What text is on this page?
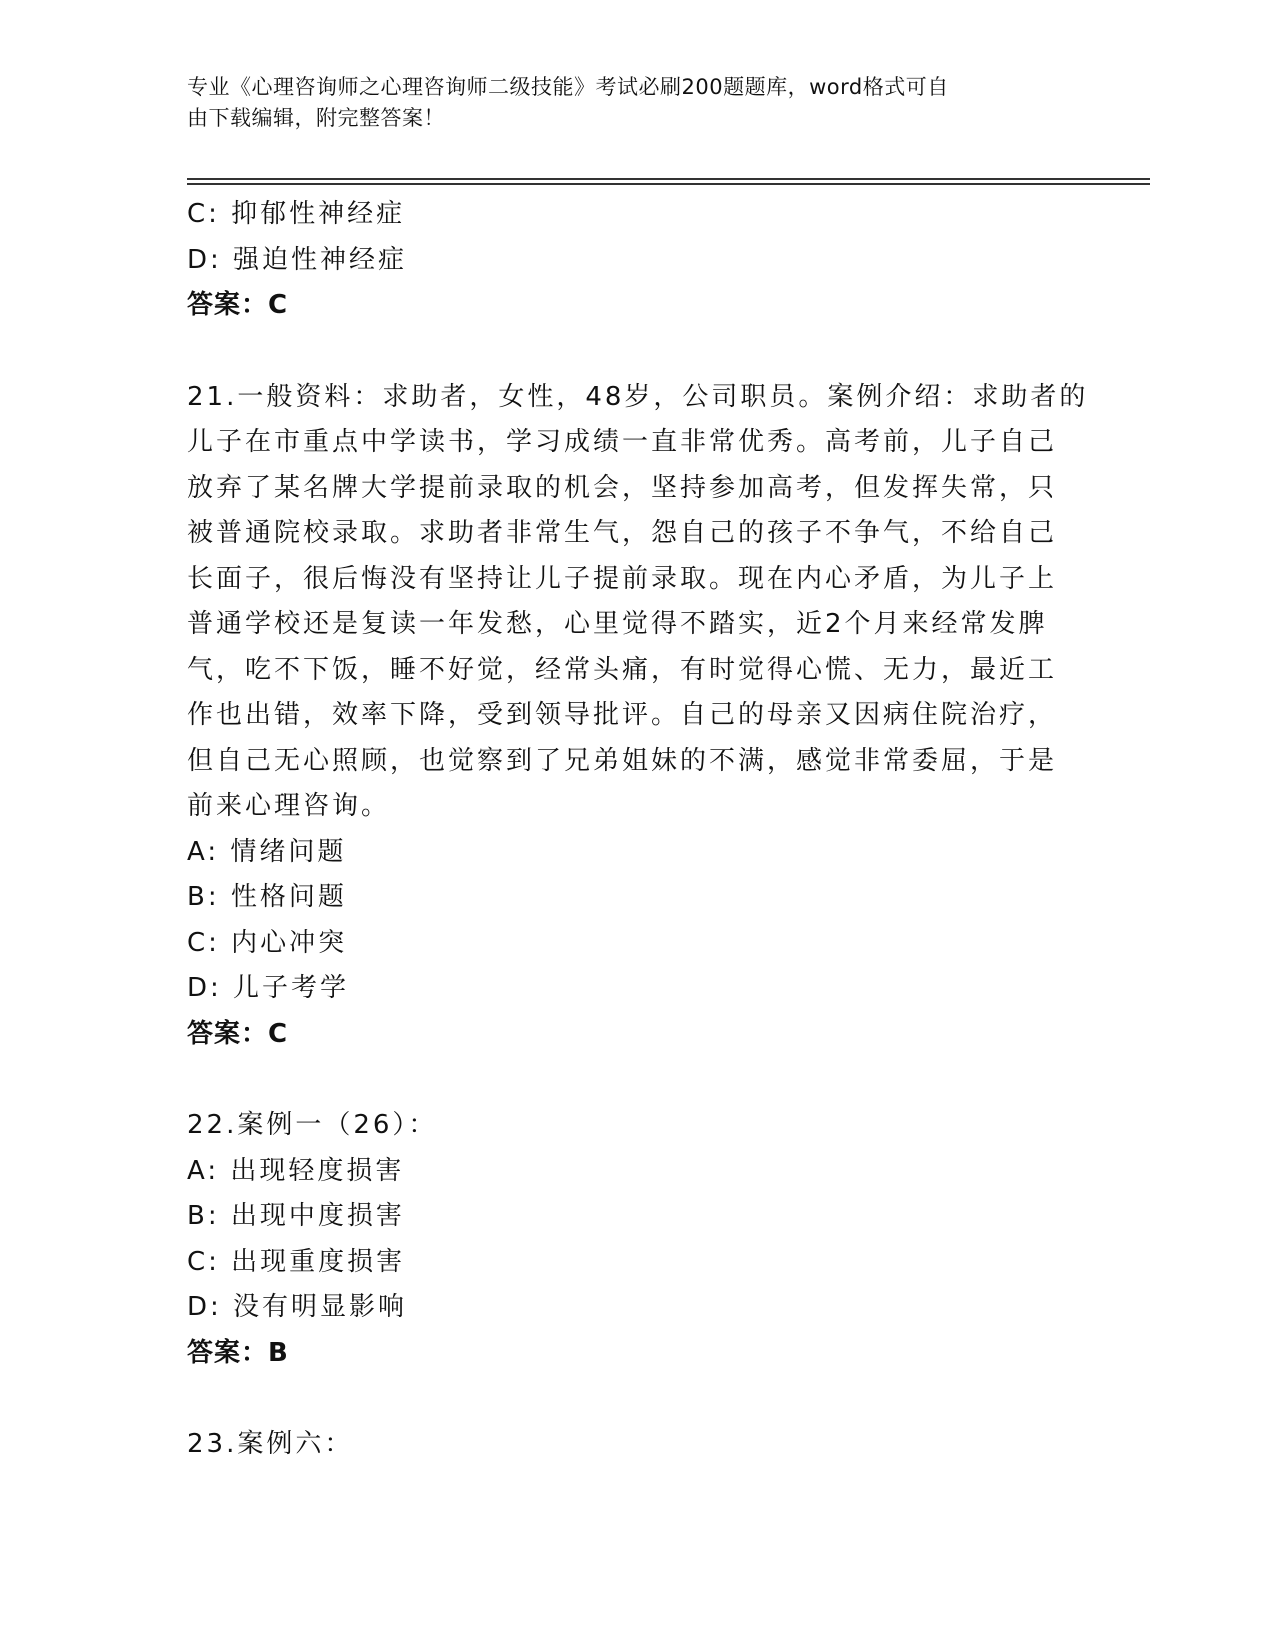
专业《心理咨询师之心理咨询师二级技能》考试必刷200题题库，word格式可自
由下载编辑，附完整答案！
C: 抑郁性神经症
D: 强迫性神经症
答案：C
21.一般资料：求助者，女性，48岁，公司职员。案例介绍：求助者的
儿子在市重点中学读书，学习成绩一直非常优秀。高考前，儿子自己
放弃了某名牌大学提前录取的机会，坚持参加高考，但发挥失常，只
被普通院校录取。求助者非常生气，怨自己的孩子不争气，不给自己
长面子，很后悔没有坚持让儿子提前录取。现在内心矛盾，为儿子上
普通学校还是复读一年发愁，心里觉得不踏实，近2个月来经常发脾
气，吃不下饭，睡不好觉，经常头痛，有时觉得心慌、无力，最近工
作也出错，效率下降，受到领导批评。自己的母亲又因病住院治疗，
但自己无心照顾，也觉察到了兄弟姐妹的不满，感觉非常委屈，于是
前来心理咨询。
A: 情绪问题
B: 性格问题
C: 内心冲突
D: 儿子考学
答案：C
22.案例一（26）：
A: 出现轻度损害
B: 出现中度损害
C: 出现重度损害
D: 没有明显影响
答案：B
23.案例六：
